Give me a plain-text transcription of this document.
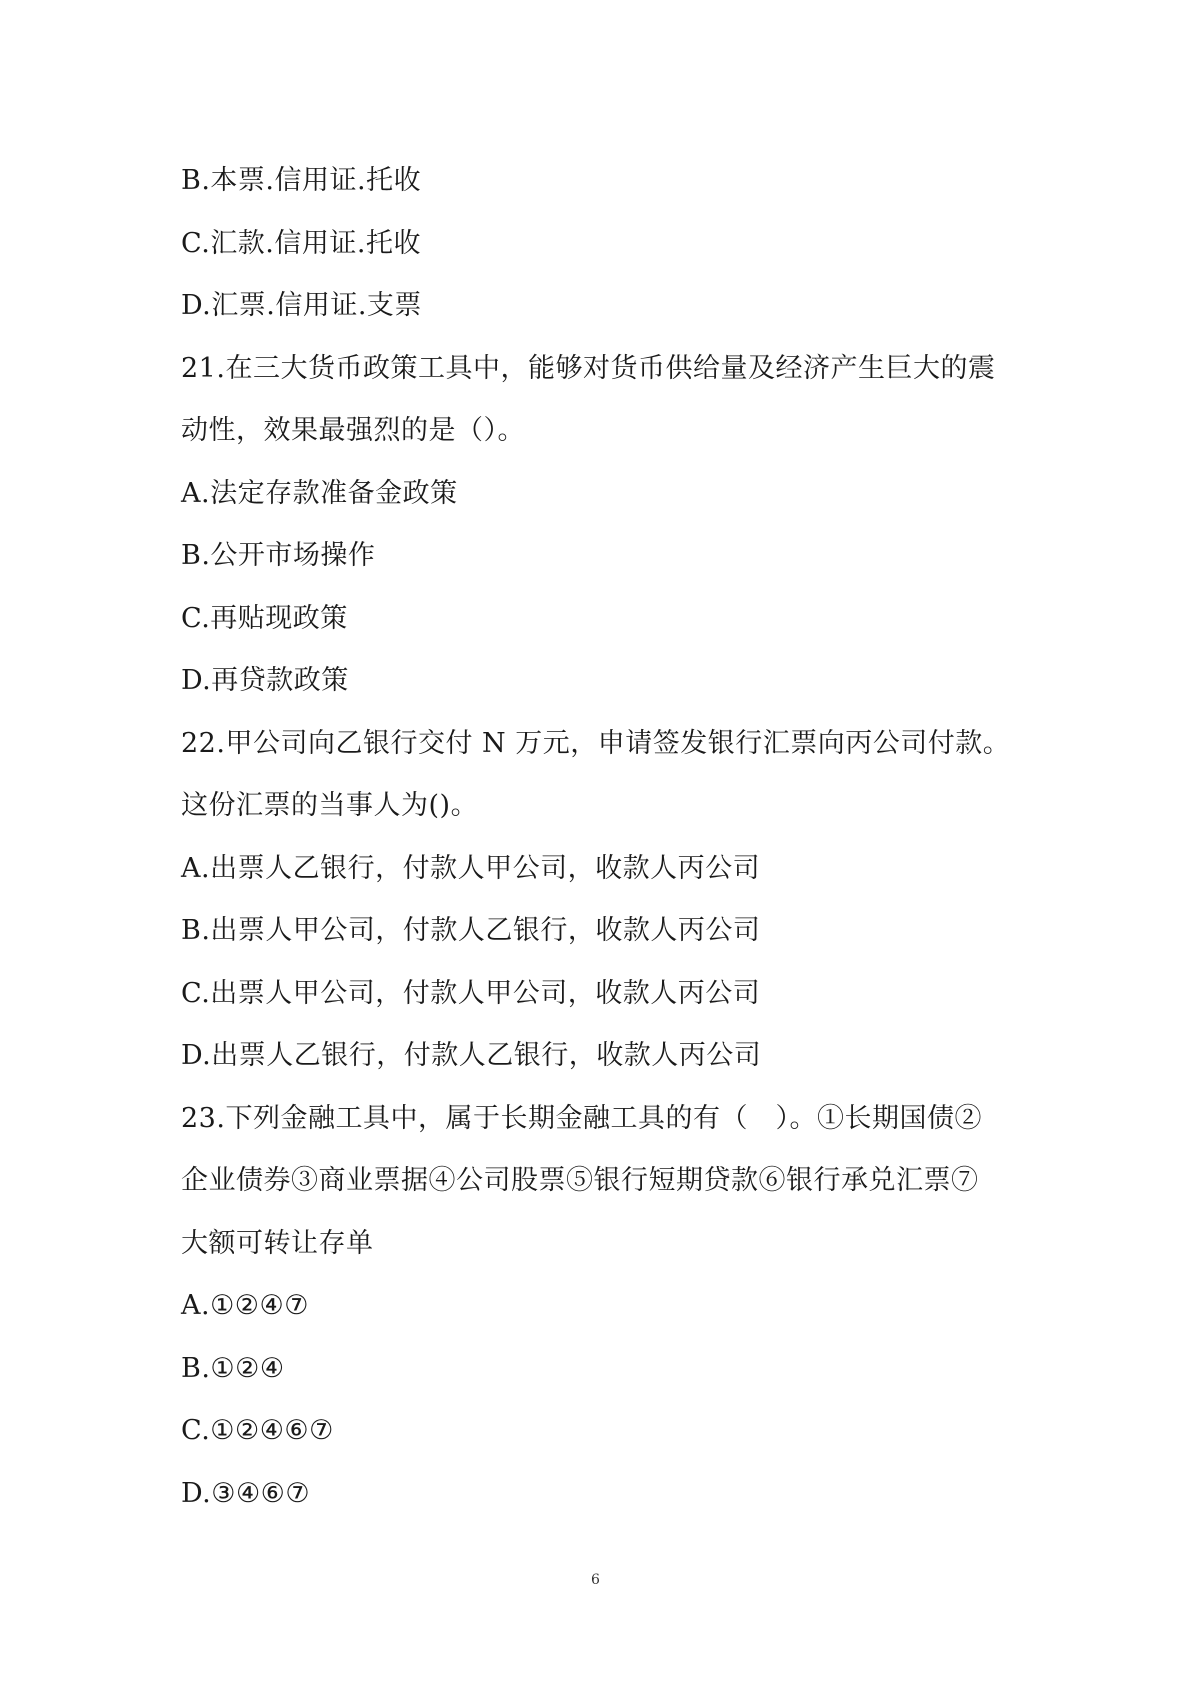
B.本票.信用证.托收
C.汇款.信用证.托收
D.汇票.信用证.支票
21.在三大货币政策工具中，能够对货币供给量及经济产生巨大的震
动性，效果最强烈的是（）。
A.法定存款准备金政策
B.公开市场操作
C.再贴现政策
D.再贷款政策
22.甲公司向乙银行交付 N 万元，申请签发银行汇票向丙公司付款。
这份汇票的当事人为()。
A.出票人乙银行，付款人甲公司，收款人丙公司
B.出票人甲公司，付款人乙银行，收款人丙公司
C.出票人甲公司，付款人甲公司，收款人丙公司
D.出票人乙银行，付款人乙银行，收款人丙公司
23.下列金融工具中，属于长期金融工具的有（　）。①长期国债②
企业债券③商业票据④公司股票⑤银行短期贷款⑥银行承兑汇票⑦
大额可转让存单
A.①②④⑦
B.①②④
C.①②④⑥⑦
D.③④⑥⑦
6
